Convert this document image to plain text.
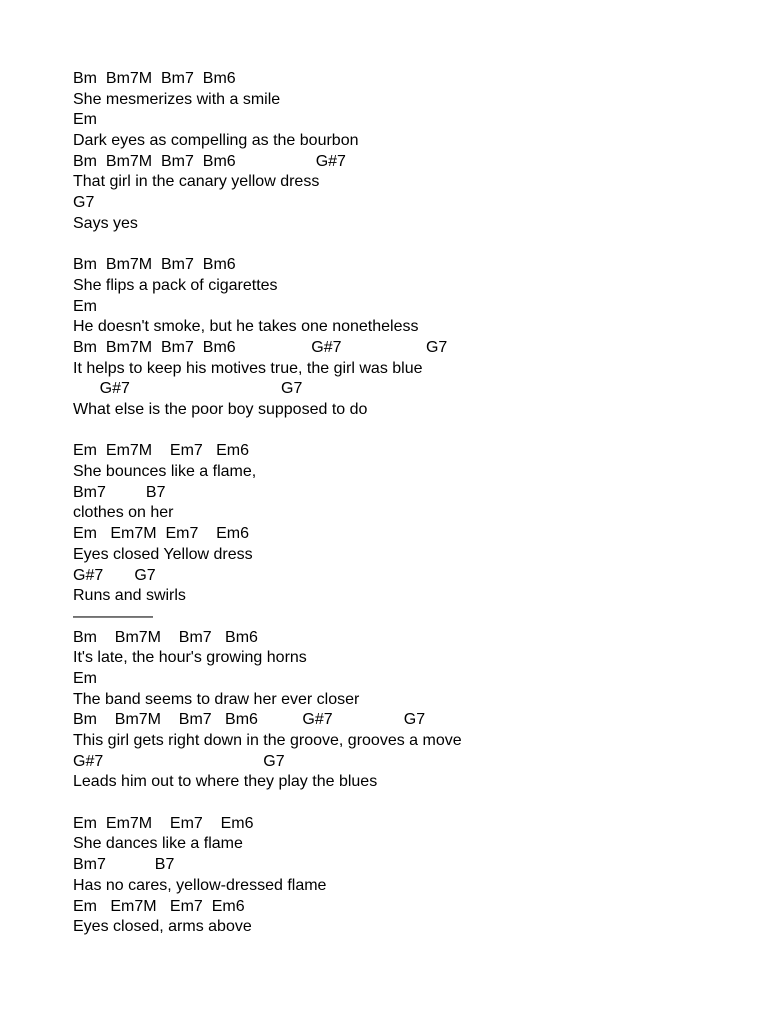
Bm  Bm7M  Bm7  Bm6
She mesmerizes with a smile
Em
Dark eyes as compelling as the bourbon
Bm  Bm7M  Bm7  Bm6                  G#7
That girl in the canary yellow dress
G7
Says yes
Bm  Bm7M  Bm7  Bm6
She flips a pack of cigarettes
Em
He doesn't smoke, but he takes one nonetheless
Bm  Bm7M  Bm7  Bm6                 G#7                   G7
It helps to keep his motives true, the girl was blue
G#7                                  G7
What else is the poor boy supposed to do
Em  Em7M    Em7   Em6
She bounces like a flame,
Bm7         B7
clothes on her
Em   Em7M  Em7    Em6
Eyes closed Yellow dress
G#7       G7
Runs and swirls
—————
Bm    Bm7M    Bm7   Bm6
It's late, the hour's growing horns
Em
The band seems to draw her ever closer
Bm    Bm7M    Bm7   Bm6          G#7                G7
This girl gets right down in the groove, grooves a move
G#7                                    G7
Leads him out to where they play the blues
Em  Em7M    Em7    Em6
She dances like a flame
Bm7           B7
Has no cares, yellow-dressed flame
Em   Em7M   Em7  Em6
Eyes closed, arms above
